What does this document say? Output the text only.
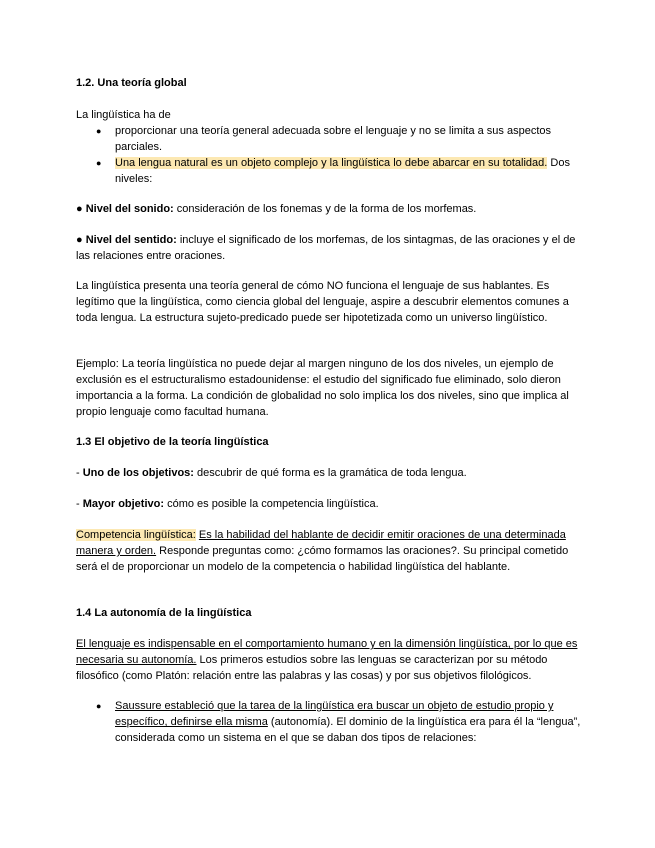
1.2. Una teoría global

La lingüística ha de

● proporcionar una teoría general adecuada sobre el lenguaje y no se limita a sus aspectos parciales.
● Una lengua natural es un objeto complejo y la lingüística lo debe abarcar en su totalidad. Dos niveles:

● Nivel del sonido: consideración de los fonemas y de la forma de los morfemas.

● Nivel del sentido: incluye el significado de los morfemas, de los sintagmas, de las oraciones y el de las relaciones entre oraciones.

La lingüística presenta una teoría general de cómo NO funciona el lenguaje de sus hablantes. Es legítimo que la lingüística, como ciencia global del lenguaje, aspire a descubrir elementos comunes a toda lengua. La estructura sujeto-predicado puede ser hipotetizada como un universo lingüístico.

Ejemplo: La teoría lingüística no puede dejar al margen ninguno de los dos niveles, un ejemplo de exclusión es el estructuralismo estadounidense: el estudio del significado fue eliminado, solo dieron importancia a la forma. La condición de globalidad no solo implica los dos niveles, sino que implica al propio lenguaje como facultad humana.

1.3 El objetivo de la teoría lingüística

- Uno de los objetivos: descubrir de qué forma es la gramática de toda lengua.

- Mayor objetivo: cómo es posible la competencia lingüística.

Competencia lingüística: Es la habilidad del hablante de decidir emitir oraciones de una determinada manera y orden. Responde preguntas como: ¿cómo formamos las oraciones?. Su principal cometido será el de proporcionar un modelo de la competencia o habilidad lingüística del hablante.

1.4 La autonomía de la lingüística

El lenguaje es indispensable en el comportamiento humano y en la dimensión lingüística, por lo que es necesaria su autonomía. Los primeros estudios sobre las lenguas se caracterizan por su método filosófico (como Platón: relación entre las palabras y las cosas) y por sus objetivos filológicos.

● Saussure estableció que la tarea de la lingüística era buscar un objeto de estudio propio y específico, definirse ella misma (autonomía). El dominio de la lingüística era para él la “lengua”, considerada como un sistema en el que se daban dos tipos de relaciones:
